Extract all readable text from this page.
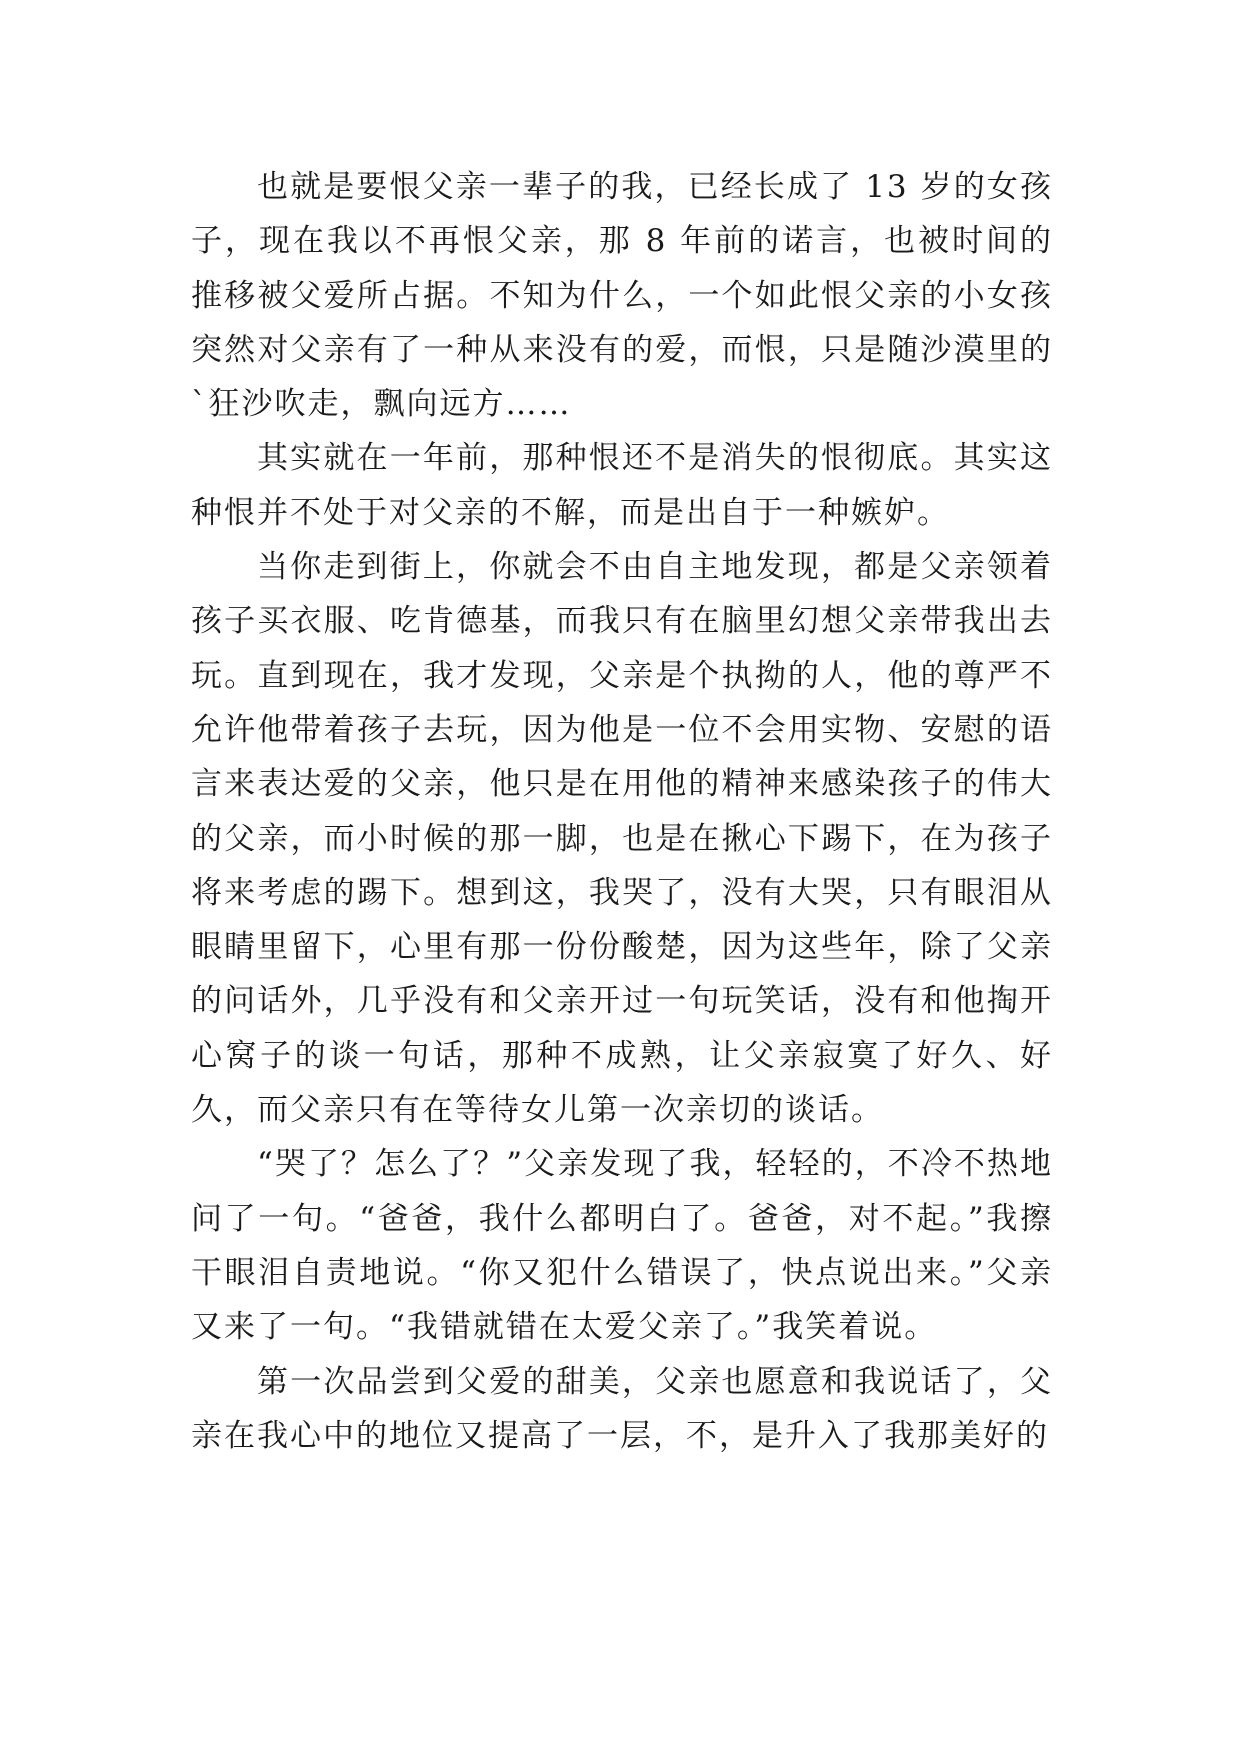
也就是要恨父亲一辈子的我，已经长成了 13 岁的女孩子，现在我以不再恨父亲，那 8 年前的诺言，也被时间的推移被父爱所占据。不知为什么，一个如此恨父亲的小女孩突然对父亲有了一种从来没有的爱，而恨，只是随沙漠里的`狂沙吹走，飘向远方……

其实就在一年前，那种恨还不是消失的恨彻底。其实这种恨并不处于对父亲的不解，而是出自于一种嫉妒。

当你走到街上，你就会不由自主地发现，都是父亲领着孩子买衣服、吃肯德基，而我只有在脑里幻想父亲带我出去玩。直到现在，我才发现，父亲是个执拗的人，他的尊严不允许他带着孩子去玩，因为他是一位不会用实物、安慰的语言来表达爱的父亲，他只是在用他的精神来感染孩子的伟大的父亲，而小时候的那一脚，也是在揪心下踢下，在为孩子将来考虑的踢下。想到这，我哭了，没有大哭，只有眼泪从眼睛里留下，心里有那一份份酸楚，因为这些年，除了父亲的问话外，几乎没有和父亲开过一句玩笑话，没有和他掏开心窝子的谈一句话，那种不成熟，让父亲寂寞了好久、好久，而父亲只有在等待女儿第一次亲切的谈话。

“哭了？怎么了？”父亲发现了我，轻轻的，不冷不热地问了一句。“爸爸，我什么都明白了。爸爸，对不起。”我擦干眼泪自责地说。“你又犯什么错误了，快点说出来。”父亲又来了一句。“我错就错在太爱父亲了。”我笑着说。

第一次品尝到父爱的甜美，父亲也愿意和我说话了，父亲在我心中的地位又提高了一层，不，是升入了我那美好的
